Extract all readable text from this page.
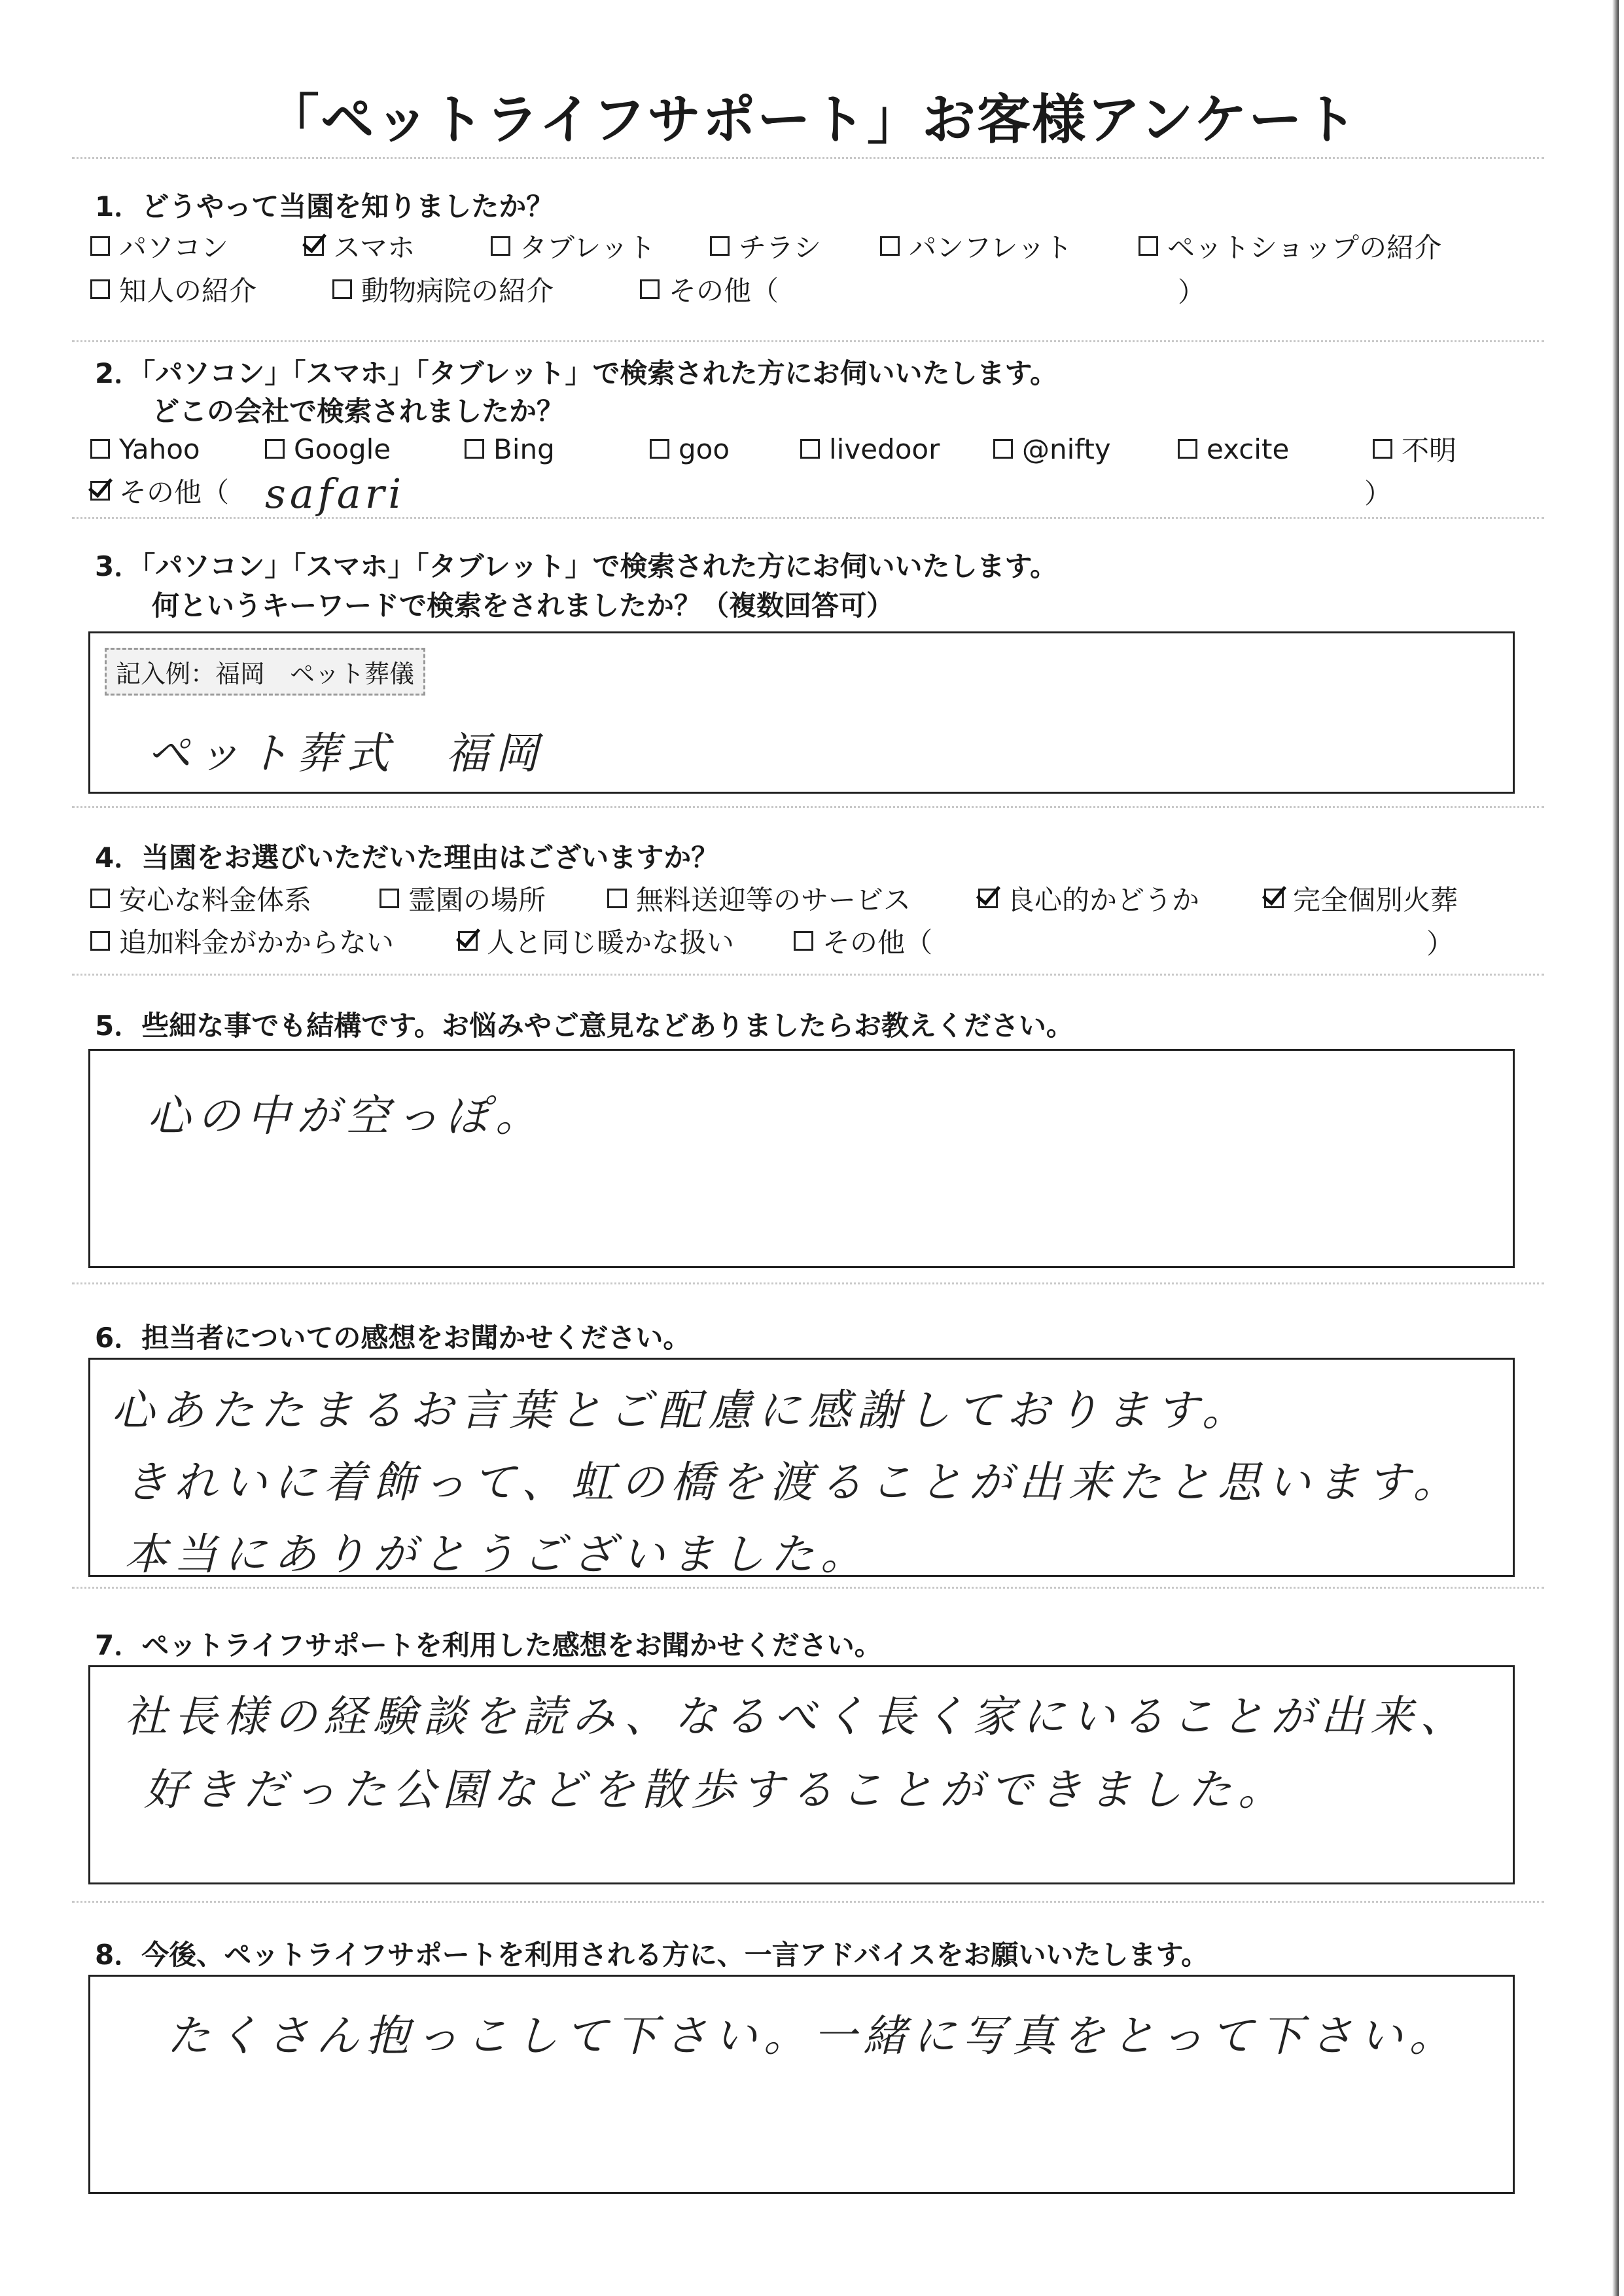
「ペットライフサポート」お客様アンケート
1．どうやって当園を知りましたか？
パソコン	スマホ	タブレット	チラシ	パンフレット	ペットショップの紹介
知人の紹介	動物病院の紹介	その他（	）
2．「パソコン」「スマホ」「タブレット」で検索された方にお伺いいたします。
どこの会社で検索されましたか？
Yahoo	Google	Bing	goo	livedoor	@nifty	excite	不明
その他（ safari	）
3．「パソコン」「スマホ」「タブレット」で検索された方にお伺いいたします。
何というキーワードで検索をされましたか？（複数回答可）
記入例：福岡　ペット葬儀
ペット葬式　福岡
4．当園をお選びいただいた理由はございますか？
安心な料金体系	霊園の場所	無料送迎等のサービス	良心的かどうか	完全個別火葬
追加料金がかからない	人と同じ暖かな扱い	その他（	）
5．些細な事でも結構です。お悩みやご意見などありましたらお教えください。
心の中が空っぽ。
6．担当者についての感想をお聞かせください。
心あたたまるお言葉とご配慮に感謝しております。
きれいに着飾って、虹の橋を渡ることが出来たと思います。
本当にありがとうございました。
7．ペットライフサポートを利用した感想をお聞かせください。
社長様の経験談を読み、なるべく長く家にいることが出来、
好きだった公園などを散歩することができました。
8．今後、ペットライフサポートを利用される方に、一言アドバイスをお願いいたします。
たくさん抱っこして下さい。一緒に写真をとって下さい。
